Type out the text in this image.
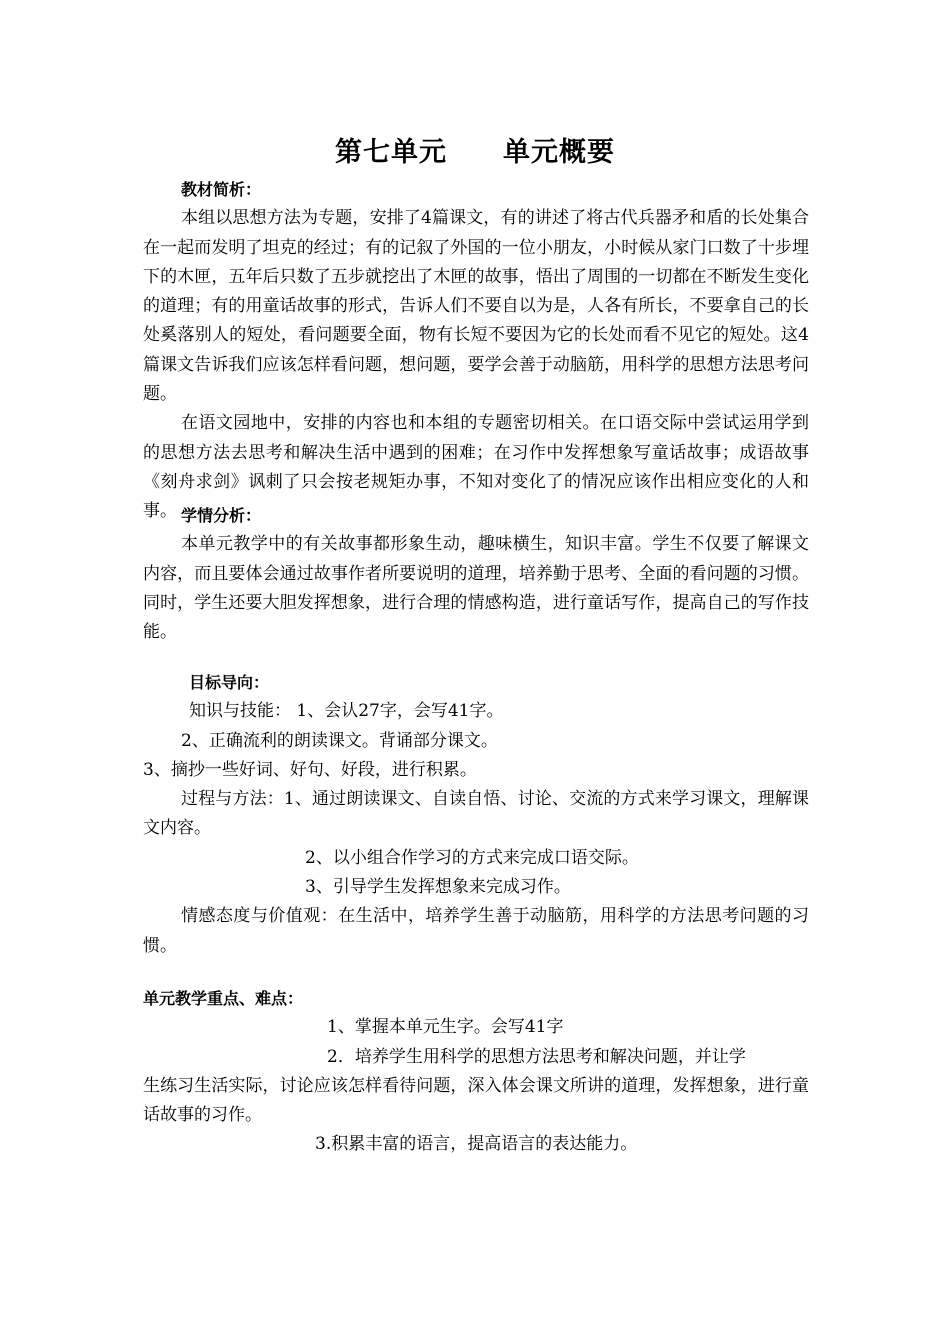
第七单元 单元概要

教材简析：

本组以思想方法为专题，安排了4篇课文，有的讲述了将古代兵器矛和盾的长处集合在一起而发明了坦克的经过；有的记叙了外国的一位小朋友，小时候从家门口数了十步埋下的木匣，五年后只数了五步就挖出了木匣的故事，悟出了周围的一切都在不断发生变化的道理；有的用童话故事的形式，告诉人们不要自以为是，人各有所长，不要拿自己的长处奚落别人的短处，看问题要全面，物有长短不要因为它的长处而看不见它的短处。这4篇课文告诉我们应该怎样看问题，想问题，要学会善于动脑筋，用科学的思想方法思考问题。

在语文园地中，安排的内容也和本组的专题密切相关。在口语交际中尝试运用学到的思想方法去思考和解决生活中遇到的困难；在习作中发挥想象写童话故事；成语故事《刻舟求剑》讽刺了只会按老规矩办事，不知对变化了的情况应该作出相应变化的人和事。 学情分析：

本单元教学中的有关故事都形象生动，趣味横生，知识丰富。学生不仅要了解课文内容，而且要体会通过故事作者所要说明的道理，培养勤于思考、全面的看问题的习惯。同时，学生还要大胆发挥想象，进行合理的情感构造，进行童话写作，提高自己的写作技能。

目标导向：

知识与技能： 1、会认27字，会写41字。

2、正确流利的朗读课文。背诵部分课文。

3、摘抄一些好词、好句、好段，进行积累。

过程与方法：1、通过朗读课文、自读自悟、讨论、交流的方式来学习课文，理解课文内容。

2、以小组合作学习的方式来完成口语交际。

3、引导学生发挥想象来完成习作。

情感态度与价值观：在生活中，培养学生善于动脑筋，用科学的方法思考问题的习惯。

单元教学重点、难点：

1、掌握本单元生字。会写41字

2．培养学生用科学的思想方法思考和解决问题，并让学

生练习生活实际，讨论应该怎样看待问题，深入体会课文所讲的道理，发挥想象，进行童话故事的习作。

3.积累丰富的语言，提高语言的表达能力。
